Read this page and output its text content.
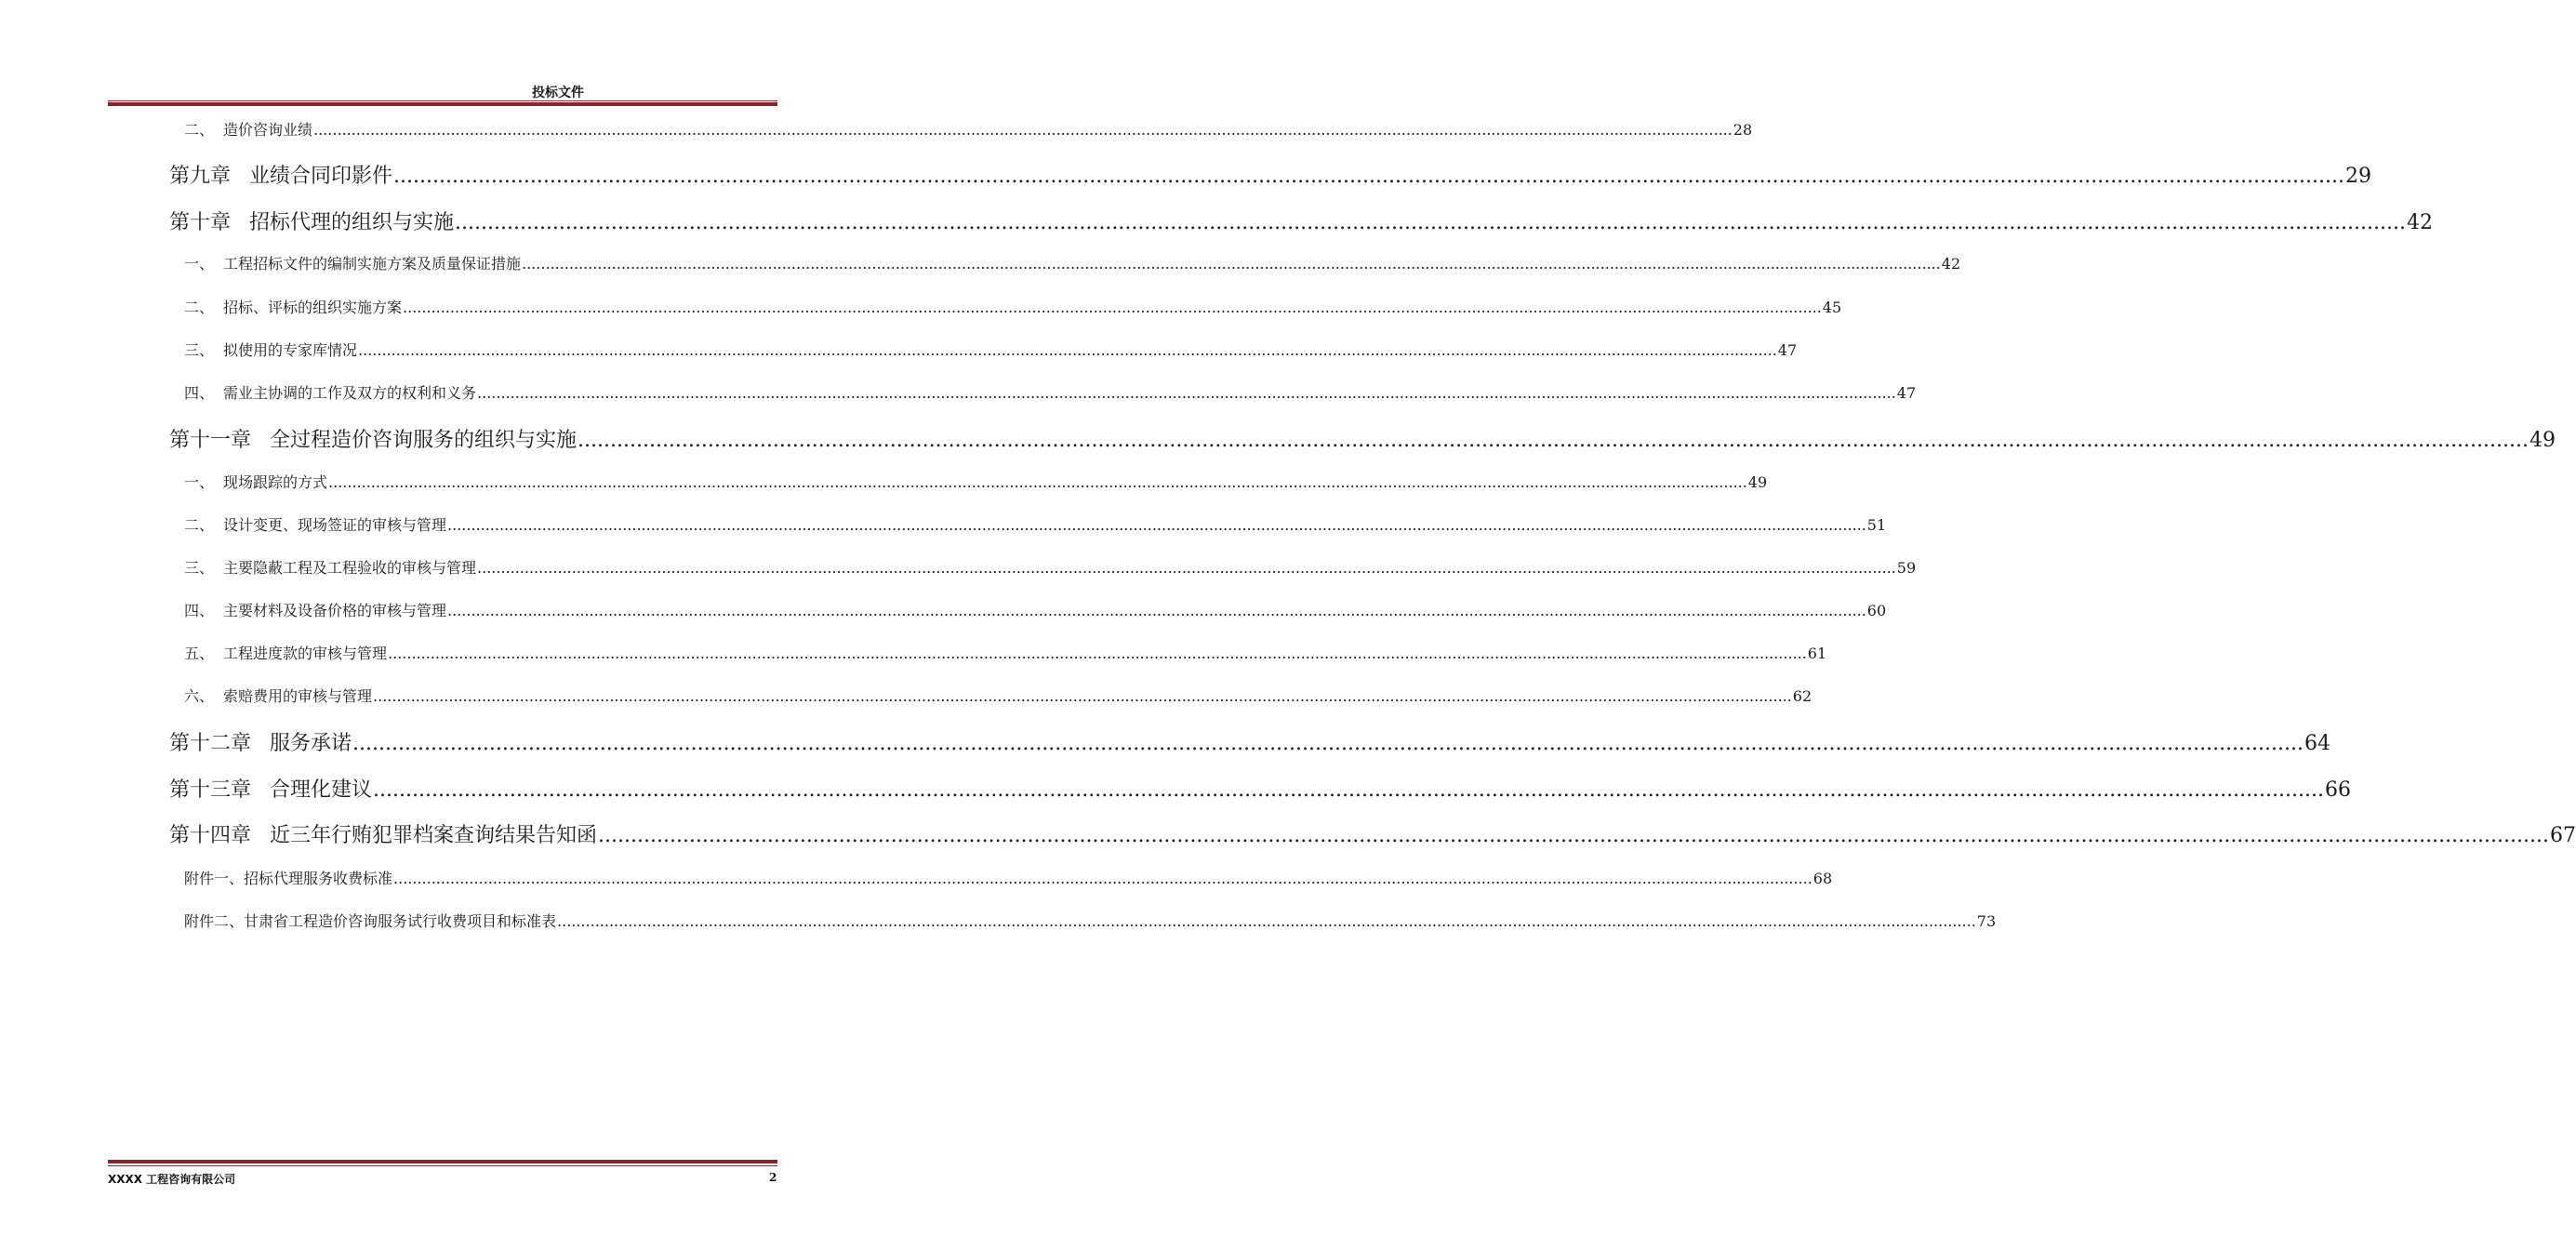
投标文件
二、 造价咨询业绩 ............................................................................................................................................................................................................................................................................................................ 28
第九章 业绩合同印影件 ............................................................................................................................................................................................................................................................................................................ 29
第十章 招标代理的组织与实施 ............................................................................................................................................................................................................................................................................................................ 42
一、 工程招标文件的编制实施方案及质量保证措施 ............................................................................................................................................................................................................................................................................................................ 42
二、 招标、评标的组织实施方案 ............................................................................................................................................................................................................................................................................................................ 45
三、 拟使用的专家库情况 ............................................................................................................................................................................................................................................................................................................ 47
四、 需业主协调的工作及双方的权利和义务 ............................................................................................................................................................................................................................................................................................................ 47
第十一章 全过程造价咨询服务的组织与实施 ............................................................................................................................................................................................................................................................................................................ 49
一、 现场跟踪的方式 ............................................................................................................................................................................................................................................................................................................ 49
二、 设计变更、现场签证的审核与管理 ............................................................................................................................................................................................................................................................................................................ 51
三、 主要隐蔽工程及工程验收的审核与管理 ............................................................................................................................................................................................................................................................................................................ 59
四、 主要材料及设备价格的审核与管理 ............................................................................................................................................................................................................................................................................................................ 60
五、 工程进度款的审核与管理 ............................................................................................................................................................................................................................................................................................................ 61
六、 索赔费用的审核与管理 ............................................................................................................................................................................................................................................................................................................ 62
第十二章 服务承诺 ............................................................................................................................................................................................................................................................................................................ 64
第十三章 合理化建议 ............................................................................................................................................................................................................................................................................................................ 66
第十四章 近三年行贿犯罪档案查询结果告知函 ............................................................................................................................................................................................................................................................................................................ 67
附件一、招标代理服务收费标准 ............................................................................................................................................................................................................................................................................................................ 68
附件二、甘肃省工程造价咨询服务试行收费项目和标准表 ............................................................................................................................................................................................................................................................................................................ 73
XXXX 工程咨询有限公司	2
